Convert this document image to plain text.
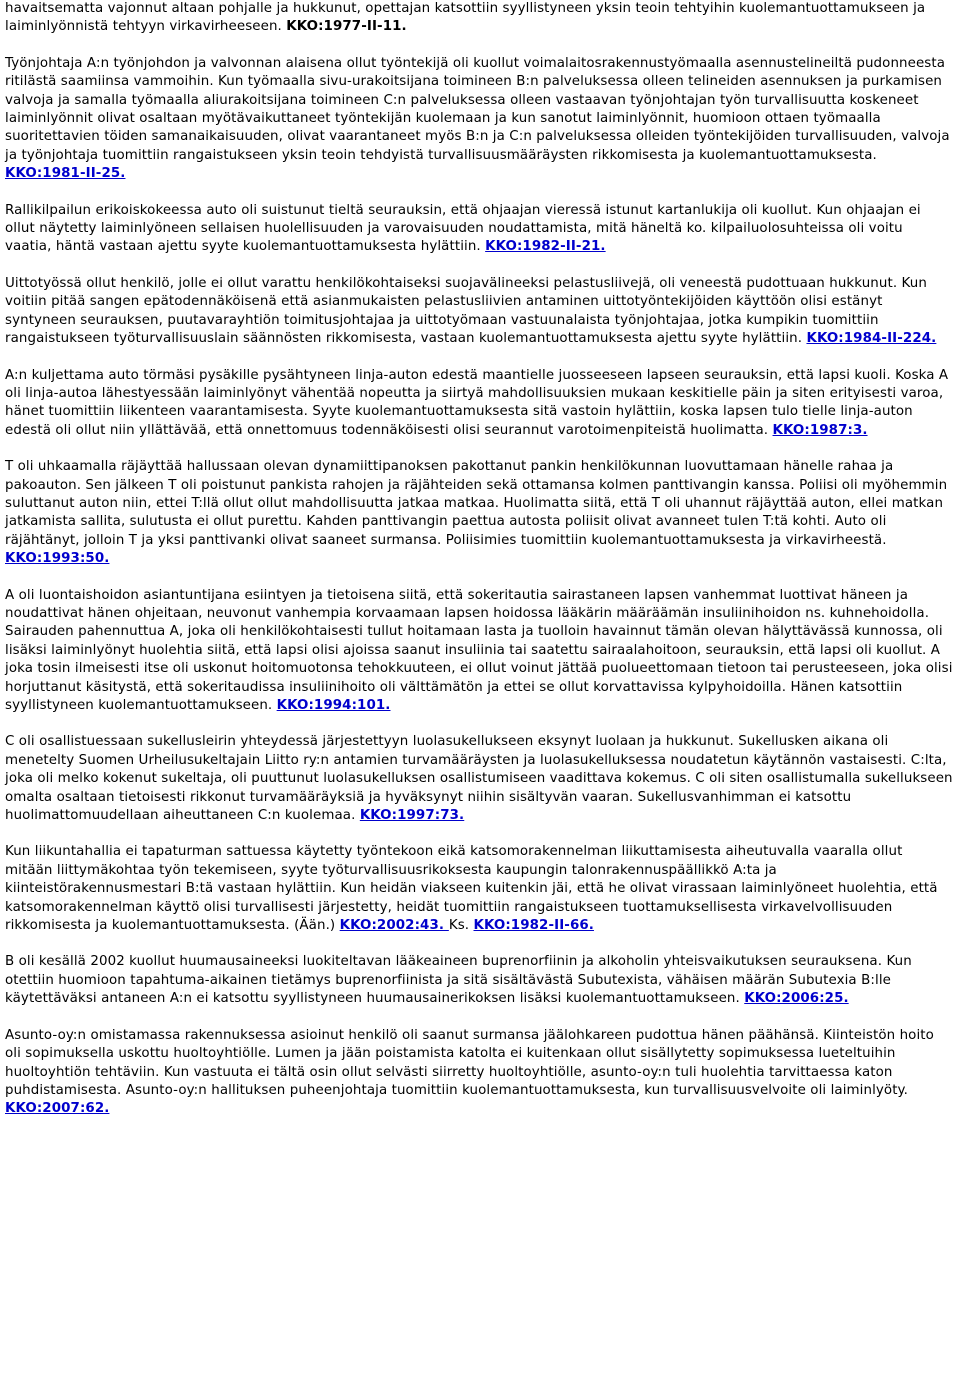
havaitsematta vajonnut altaan pohjalle ja hukkunut, opettajan katsottiin syyllistyneen yksin teoin tehtyihin kuolemantuottamukseen ja laiminlyönnistä tehtyyn virkavirheeseen. KKO:1977-II-11.

Työnjohtaja A:n työnjohdon ja valvonnan alaisena ollut työntekijä oli kuollut voimalaitosrakennustyömaalla asennustelineiltä pudonneesta ritilästä saamiinsa vammoihin. Kun työmaalla sivu-urakoitsijana toimineen B:n palveluksessa olleen telineiden asennuksen ja purkamisen valvoja ja samalla työmaalla aliurakoitsijana toimineen C:n palveluksessa olleen vastaavan työnjohtajan työn turvallisuutta koskeneet laiminlyönnit olivat osaltaan myötävaikuttaneet työntekijän kuolemaan ja kun sanotut laiminlyönnit, huomioon ottaen työmaalla suoritettavien töiden samanaikaisuuden, olivat vaarantaneet myös B:n ja C:n palveluksessa olleiden työntekijöiden turvallisuuden, valvoja ja työnjohtaja tuomittiin rangaistukseen yksin teoin tehdyistä turvallisuusmääräysten rikkomisesta ja kuolemantuottamuksesta. KKO:1981-II-25.

Rallikilpailun erikoiskokeessa auto oli suistunut tieltä seurauksin, että ohjaajan vieressä istunut kartanlukija oli kuollut. Kun ohjaajan ei ollut näytetty laiminlyöneen sellaisen huolellisuuden ja varovaisuuden noudattamista, mitä häneltä ko. kilpailuolosuhteissa oli voitu vaatia, häntä vastaan ajettu syyte kuolemantuottamuksesta hylättiin. KKO:1982-II-21.

Uittotyössä ollut henkilö, jolle ei ollut varattu henkilökohtaiseksi suojavälineeksi pelastusliivejä, oli veneestä pudottuaan hukkunut. Kun voitiin pitää sangen epätodennäköisenä että asianmukaisten pelastusliivien antaminen uittotyöntekijöiden käyttöön olisi estänyt syntyneen seurauksen, puutavarayhtiön toimitusjohtajaa ja uittotyömaan vastuunalaista työnjohtajaa, jotka kumpikin tuomittiin rangaistukseen työturvallisuuslain säännösten rikkomisesta, vastaan kuolemantuottamuksesta ajettu syyte hylättiin. KKO:1984-II-224.

A:n kuljettama auto törmäsi pysäkille pysähtyneen linja-auton edestä maantielle juosseeseen lapseen seurauksin, että lapsi kuoli. Koska A oli linja-autoa lähestyessään laiminlyönyt vähentää nopeutta ja siirtyä mahdollisuuksien mukaan keskitielle päin ja siten erityisesti varoa, hänet tuomittiin liikenteen vaarantamisesta. Syyte kuolemantuottamuksesta sitä vastoin hylättiin, koska lapsen tulo tielle linja-auton edestä oli ollut niin yllättävää, että onnettomuus todennäköisesti olisi seurannut varotoimenpiteistä huolimatta. KKO:1987:3.

T oli uhkaamalla räjäyttää hallussaan olevan dynamiittipanoksen pakottanut pankin henkilökunnan luovuttamaan hänelle rahaa ja pakoauton. Sen jälkeen T oli poistunut pankista rahojen ja räjähteiden sekä ottamansa kolmen panttivangin kanssa. Poliisi oli myöhemmin suluttanut auton niin, ettei T:llä ollut ollut mahdollisuutta jatkaa matkaa. Huolimatta siitä, että T oli uhannut räjäyttää auton, ellei matkan jatkamista sallita, sulutusta ei ollut purettu. Kahden panttivangin paettua autosta poliisit olivat avanneet tulen T:tä kohti. Auto oli räjähtänyt, jolloin T ja yksi panttivanki olivat saaneet surmansa. Poliisimies tuomittiin kuolemantuottamuksesta ja virkavirheestä. KKO:1993:50.

A oli luontaishoidon asiantuntijana esiintyen ja tietoisena siitä, että sokeritautia sairastaneen lapsen vanhemmat luottivat häneen ja noudattivat hänen ohjeitaan, neuvonut vanhempia korvaamaan lapsen hoidossa lääkärin määräämän insuliinihoidon ns. kuhnehoidolla. Sairauden pahennuttua A, joka oli henkilökohtaisesti tullut hoitamaan lasta ja tuolloin havainnut tämän olevan hälyttävässä kunnossa, oli lisäksi laiminlyönyt huolehtia siitä, että lapsi olisi ajoissa saanut insuliinia tai saatettu sairaalahoitoon, seurauksin, että lapsi oli kuollut. A joka tosin ilmeisesti itse oli uskonut hoitomuotonsa tehokkuuteen, ei ollut voinut jättää puolueettomaan tietoon tai perusteeseen, joka olisi horjuttanut käsitystä, että sokeritaudissa insuliinihoito oli välttämätön ja ettei se ollut korvattavissa kylpyhoidoilla. Hänen katsottiin syyllistyneen kuolemantuottamukseen. KKO:1994:101.

C oli osallistuessaan sukellusleirin yhteydessä järjestettyyn luolasukellukseen eksynyt luolaan ja hukkunut. Sukellusken aikana oli menetelty Suomen Urheilusukeltajain Liitto ry:n antamien turvamääräysten ja luolasukelluksessa noudatetun käytännön vastaisesti. C:lta, joka oli melko kokenut sukeltaja, oli puuttunut luolasukelluksen osallistumiseen vaadittava kokemus. C oli siten osallistumalla sukellukseen omalta osaltaan tietoisesti rikkonut turvamääräyksiä ja hyväksynyt niihin sisältyvän vaaran. Sukellusvanhimman ei katsottu huolimattomuudellaan aiheuttaneen C:n kuolemaa. KKO:1997:73.

Kun liikuntahallia ei tapaturman sattuessa käytetty työntekoon eikä katsomorakennelman liikuttamisesta aiheutuvalla vaaralla ollut mitään liittymäkohtaa työn tekemiseen, syyte työturvallisuusrikoksesta kaupungin talonrakennuspäällikkö A:ta ja kiinteistörakennusmestari B:tä vastaan hylättiin. Kun heidän viakseen kuitenkin jäi, että he olivat virassaan laiminlyöneet huolehtia, että katsomorakennelman käyttö olisi turvallisesti järjestetty, heidät tuomittiin rangaistukseen tuottamuksellisesta virkavelvollisuuden rikkomisesta ja kuolemantuottamuksesta. (Ään.) KKO:2002:43. Ks. KKO:1982-II-66.

B oli kesällä 2002 kuollut huumausaineeksi luokiteltavan lääkeaineen buprenorfiinin ja alkoholin yhteisvaikutuksen seurauksena. Kun otettiin huomioon tapahtuma-aikainen tietämys buprenorfiinista ja sitä sisältävästä Subutexista, vähäisen määrän Subutexia B:lle käytettäväksi antaneen A:n ei katsottu syyllistyneen huumausainerikoksen lisäksi kuolemantuottamukseen. KKO:2006:25.

Asunto-oy:n omistamassa rakennuksessa asioinut henkilö oli saanut surmansa jäälohkareen pudottua hänen päähänsä. Kiinteistön hoito oli sopimuksella uskottu huoltoyhtiölle. Lumen ja jään poistamista katolta ei kuitenkaan ollut sisällytetty sopimuksessa lueteltuihin huoltoyhtiön tehtäviin. Kun vastuuta ei tältä osin ollut selvästi siirretty huoltoyhtiölle, asunto-oy:n tuli huolehtia tarvittaessa katon puhdistamisesta. Asunto-oy:n hallituksen puheenjohtaja tuomittiin kuolemantuottamuksesta, kun turvallisuusvelvoite oli laiminlyöty. KKO:2007:62.
